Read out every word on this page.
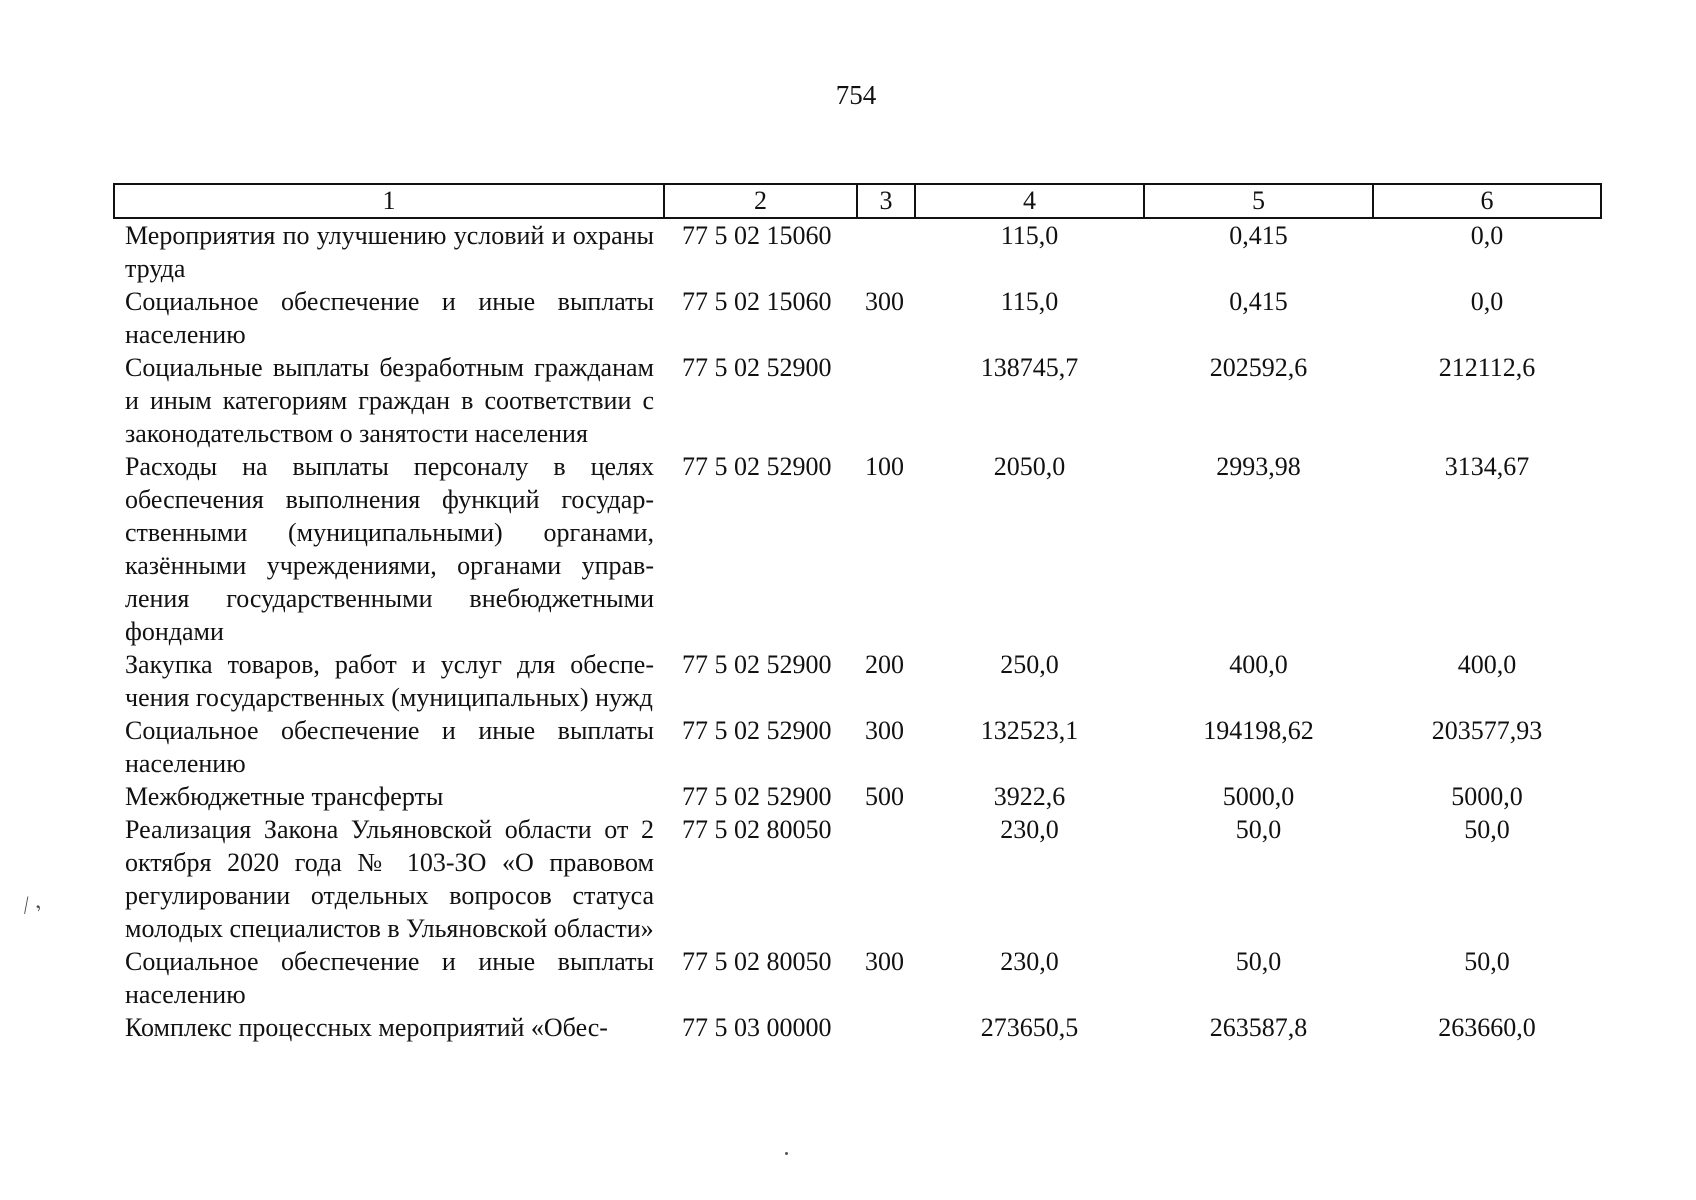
754
1	2	3	4	5	6
Мероприятия по улучшению условий и охраны труда	77 5 02 15060		115,0	0,415	0,0
Социальное обеспечение и иные выплаты населению	77 5 02 15060	300	115,0	0,415	0,0
Социальные выплаты безработным гражданам и иным категориям граждан в соответствии с законодательством о занятости населения	77 5 02 52900		138745,7	202592,6	212112,6
Расходы на выплаты персоналу в целях обеспечения выполнения функций государственными (муниципальными) органами, казёнными учреждениями, органами управления государственными внебюджетными фондами	77 5 02 52900	100	2050,0	2993,98	3134,67
Закупка товаров, работ и услуг для обеспечения государственных (муниципальных) нужд	77 5 02 52900	200	250,0	400,0	400,0
Социальное обеспечение и иные выплаты населению	77 5 02 52900	300	132523,1	194198,62	203577,93
Межбюджетные трансферты	77 5 02 52900	500	3922,6	5000,0	5000,0
Реализация Закона Ульяновской области от 2 октября 2020 года № 103-ЗО «О правовом регулировании отдельных вопросов статуса молодых специалистов в Ульяновской области»	77 5 02 80050		230,0	50,0	50,0
Социальное обеспечение и иные выплаты населению	77 5 02 80050	300	230,0	50,0	50,0
Комплекс процессных мероприятий «Обес-	77 5 03 00000		273650,5	263587,8	263660,0
⁄ ,
